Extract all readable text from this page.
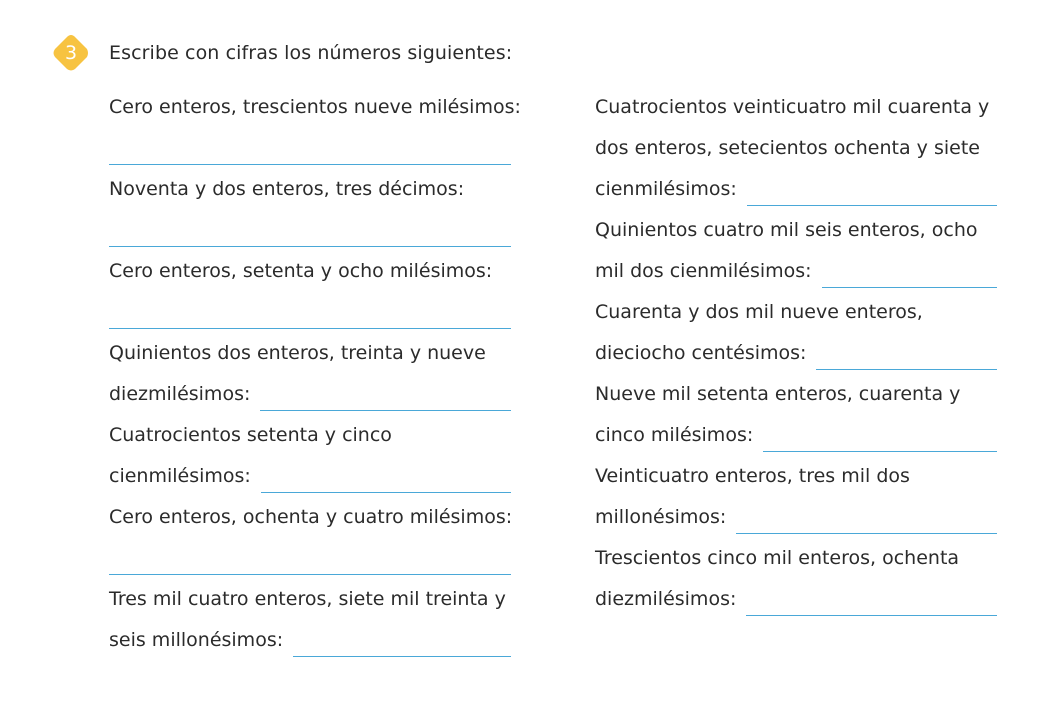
3	Escribe con cifras los números siguientes:
Cero enteros, trescientos nueve milésimos:
Noventa y dos enteros, tres décimos:
Cero enteros, setenta y ocho milésimos:
Quinientos dos enteros, treinta y nueve
diezmilésimos:
Cuatrocientos setenta y cinco
cienmilésimos:
Cero enteros, ochenta y cuatro milésimos:
Tres mil cuatro enteros, siete mil treinta y
seis millonésimos:
Cuatrocientos veinticuatro mil cuarenta y
dos enteros, setecientos ochenta y siete
cienmilésimos:
Quinientos cuatro mil seis enteros, ocho
mil dos cienmilésimos:
Cuarenta y dos mil nueve enteros,
dieciocho centésimos:
Nueve mil setenta enteros, cuarenta y
cinco milésimos:
Veinticuatro enteros, tres mil dos
millonésimos:
Trescientos cinco mil enteros, ochenta
diezmilésimos:
